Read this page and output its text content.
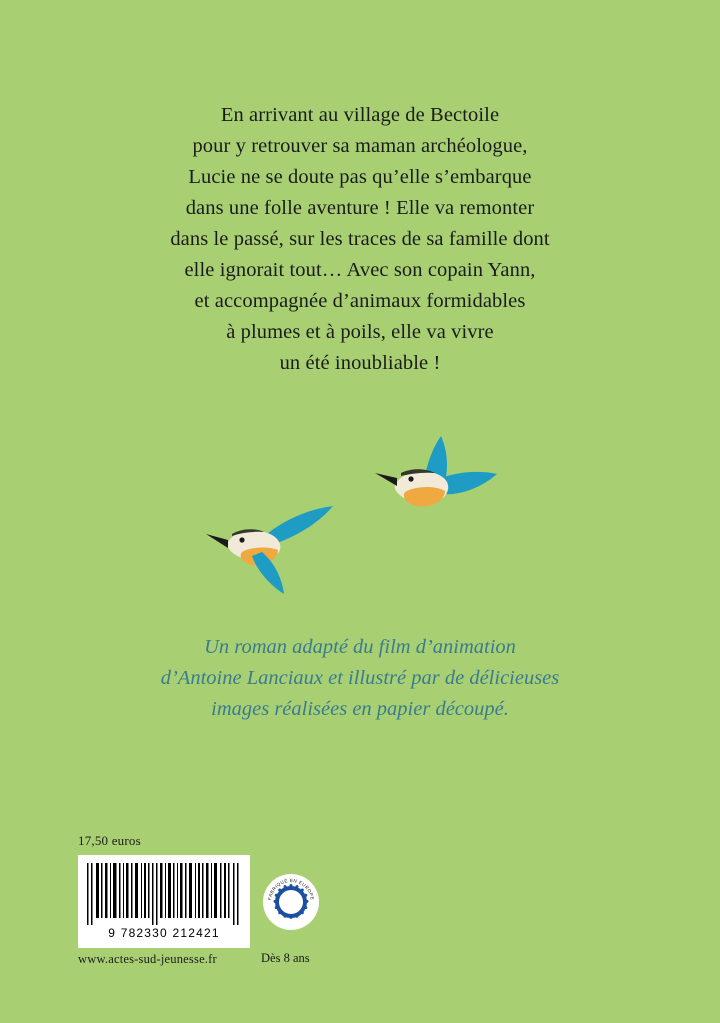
En arrivant au village de Bectoile
pour y retrouver sa maman archéologue,
Lucie ne se doute pas qu’elle s’embarque
dans une folle aventure ! Elle va remonter
dans le passé, sur les traces de sa famille dont
elle ignorait tout… Avec son copain Yann,
et accompagnée d’animaux formidables
à plumes et à poils, elle va vivre
un été inoubliable !
Un roman adapté du film d’animation
d’Antoine Lanciaux et illustré par de délicieuses
images réalisées en papier découpé.
17,50 euros
9 782330 212421
www.actes-sud-jeunesse.fr
FABRIQUÉ EN EUROPE
Dès 8 ans
